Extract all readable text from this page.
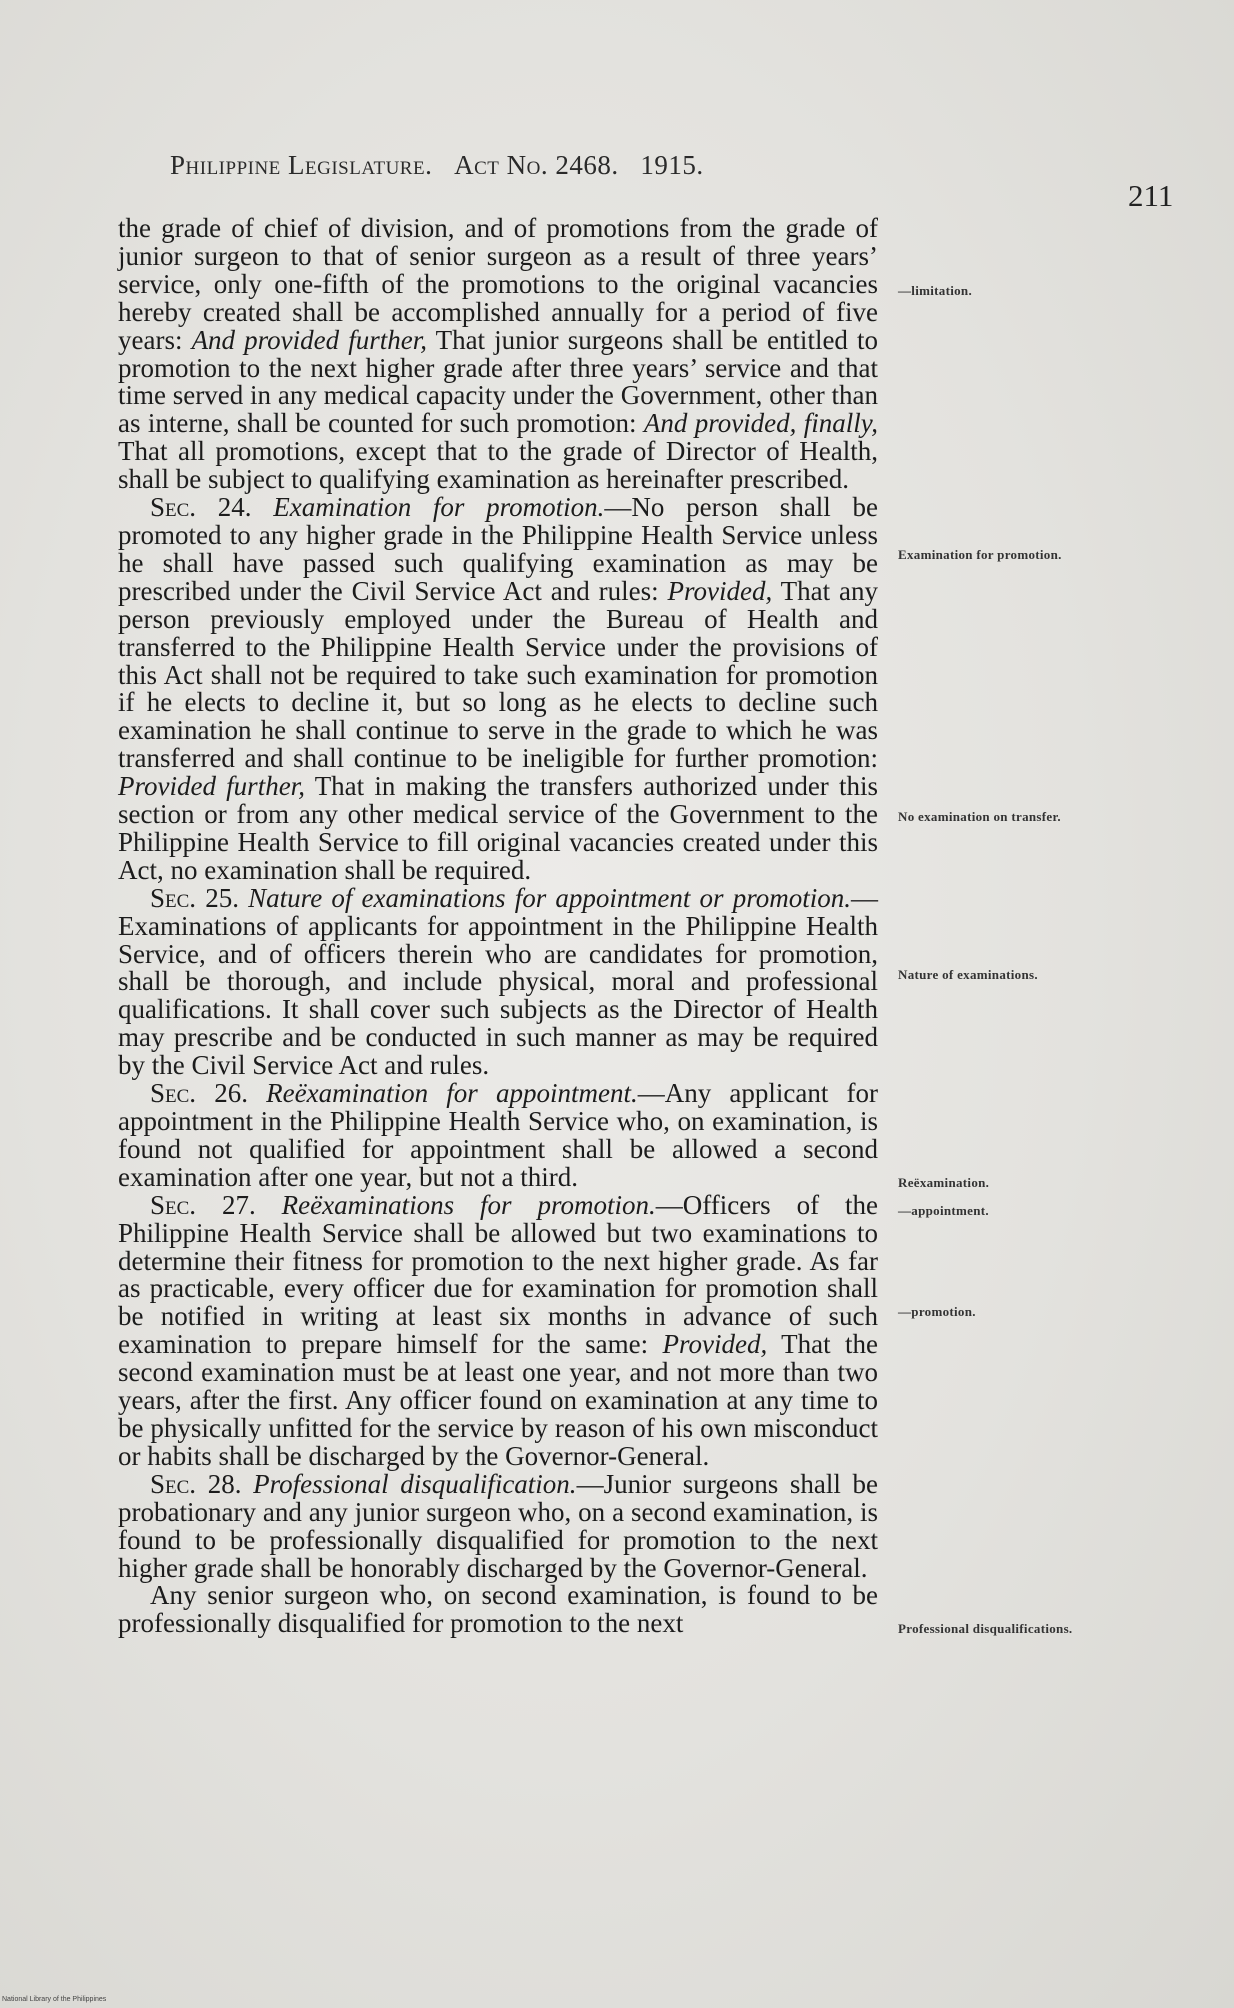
Philippine Legislature. Act No. 2468. 1915.
211

the grade of chief of division, and of promotions from the grade of junior surgeon to that of senior surgeon as a result of three years’ service, only one-fifth of the promotions to the original vacancies hereby created shall be accomplished annually for a period of five years: And provided further, That junior surgeons shall be entitled to promotion to the next higher grade after three years’ service and that time served in any medical capacity under the Government, other than as interne, shall be counted for such promotion: And provided, finally, That all promotions, except that to the grade of Director of Health, shall be subject to qualifying examination as hereinafter prescribed.

Sec. 24. Examination for promotion.—No person shall be promoted to any higher grade in the Philippine Health Service unless he shall have passed such qualifying examination as may be prescribed under the Civil Service Act and rules: Provided, That any person previously employed under the Bureau of Health and transferred to the Philippine Health Service under the provisions of this Act shall not be required to take such examination for promotion if he elects to decline it, but so long as he elects to decline such examination he shall continue to serve in the grade to which he was transferred and shall continue to be ineligible for further promotion: Provided further, That in making the transfers authorized under this section or from any other medical service of the Government to the Philippine Health Service to fill original vacancies created under this Act, no examination shall be required.

Sec. 25. Nature of examinations for appointment or promotion.—Examinations of applicants for appointment in the Philippine Health Service, and of officers therein who are candidates for promotion, shall be thorough, and include physical, moral and professional qualifications. It shall cover such subjects as the Director of Health may prescribe and be conducted in such manner as may be required by the Civil Service Act and rules.

Sec. 26. Reëxamination for appointment.—Any applicant for appointment in the Philippine Health Service who, on examination, is found not qualified for appointment shall be allowed a second examination after one year, but not a third.

Sec. 27. Reëxaminations for promotion.—Officers of the Philippine Health Service shall be allowed but two examinations to determine their fitness for promotion to the next higher grade. As far as practicable, every officer due for examination for promotion shall be notified in writing at least six months in advance of such examination to prepare himself for the same: Provided, That the second examination must be at least one year, and not more than two years, after the first. Any officer found on examination at any time to be physically unfitted for the service by reason of his own misconduct or habits shall be discharged by the Governor-General.

Sec. 28. Professional disqualification.—Junior surgeons shall be probationary and any junior surgeon who, on a second examination, is found to be professionally disqualified for promotion to the next higher grade shall be honorably discharged by the Governor-General.

Any senior surgeon who, on second examination, is found to be professionally disqualified for promotion to the next

—limitation.
Examination for promotion.
No examination on transfer.
Nature of examinations.
Reëxamination.
—appointment.
—promotion.
Professional disqualifications.
National Library of the Philippines
